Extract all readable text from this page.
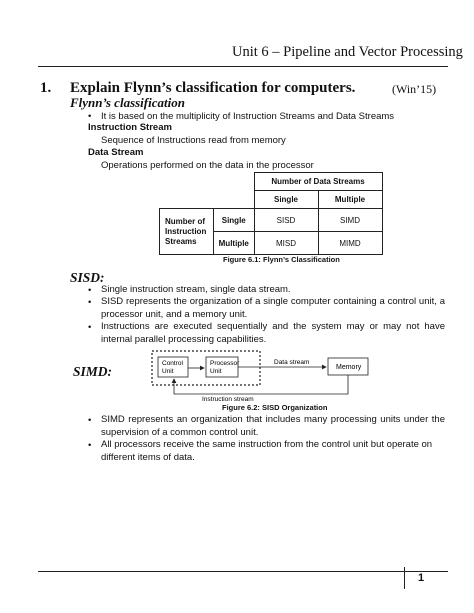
Unit 6 – Pipeline and Vector Processing
1. Explain Flynn’s classification for computers.	(Win’15)
Flynn’s classification
• It is based on the multiplicity of Instruction Streams and Data Streams
Instruction Stream
Sequence of Instructions read from memory
Data Stream
Operations performed on the data in the processor
		Number of Data Streams	
		Single	Multiple
Number of Instruction Streams	Single	SISD	SIMD
	Multiple	MISD	MIMD
Figure 6.1: Flynn’s Classification
SISD:
• Single instruction stream, single data stream.
• SISD represents the organization of a single computer containing a control unit, a processor unit, and a memory unit.
• Instructions are executed sequentially and the system may or may not have internal parallel processing capabilities.
SIMD:
Control
Unit
Processor
Unit
Data stream
Memory
Instruction stream
Figure 6.2: SISD Organization
• SIMD represents an organization that includes many processing units under the supervision of a common control unit.
• All processors receive the same instruction from the control unit but operate on different items of data.
1
